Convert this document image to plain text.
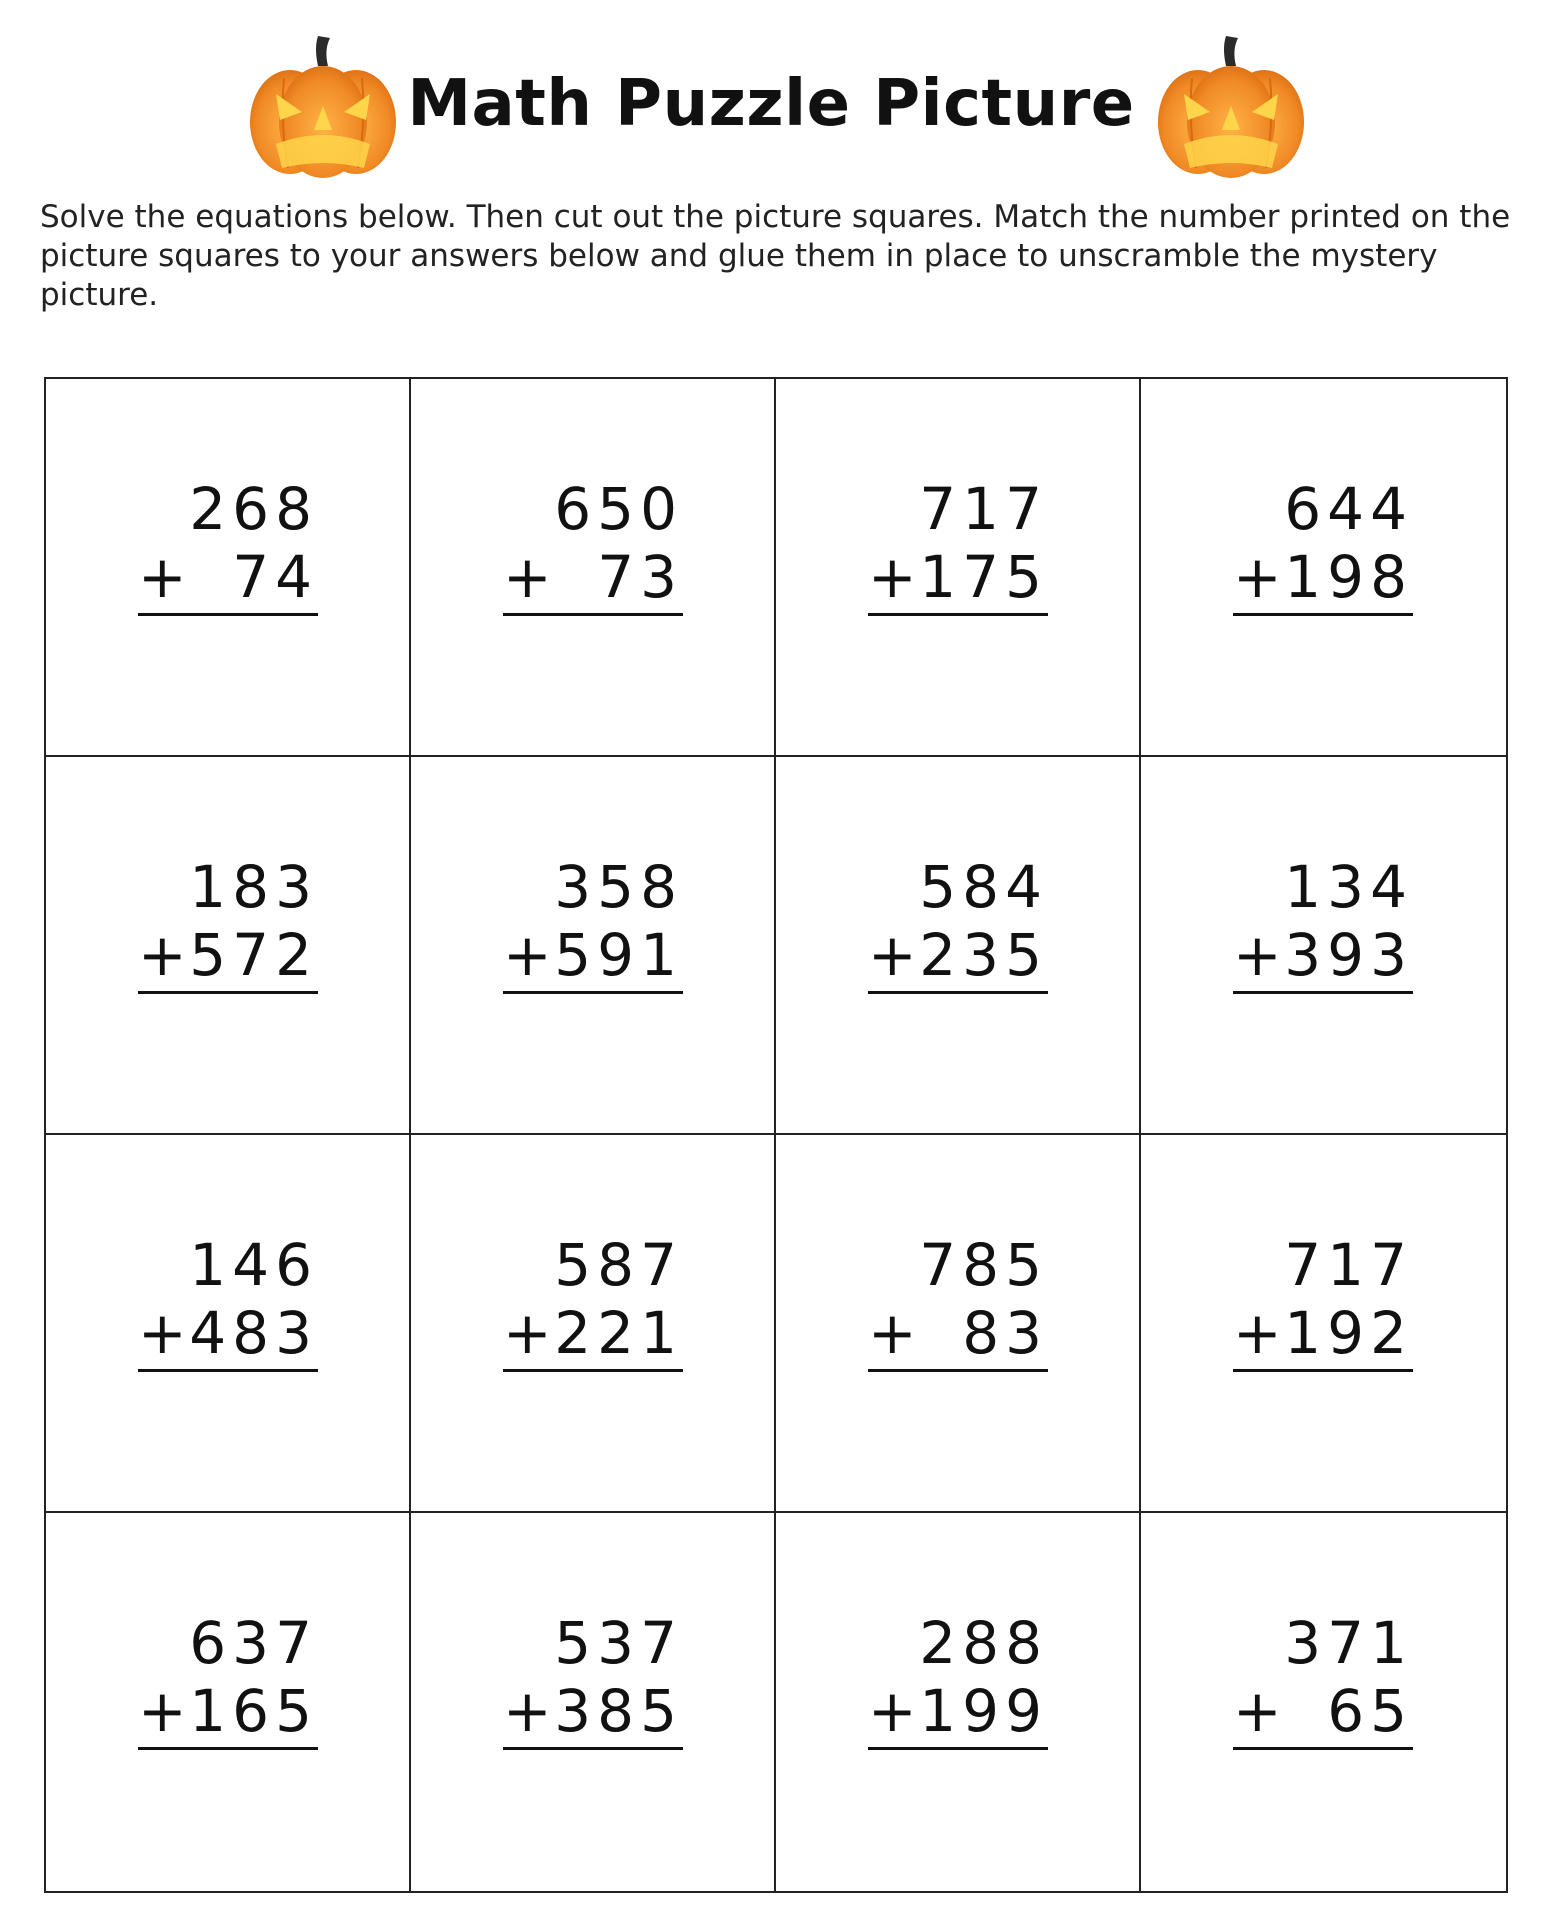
Math Puzzle Picture

Solve the equations below. Then cut out the picture squares. Match the number printed on the picture squares to your answers below and glue them in place to unscramble the mystery picture.

268
+ 74
650
+ 73
717
+
175
644
+
198
183
+
572
358
+
591
584
+
235
134
+
393
146
+
483
587
+
221
785
+ 83
717
+
192
637
+
165
537
+
385
288
+
199
371
+ 65
